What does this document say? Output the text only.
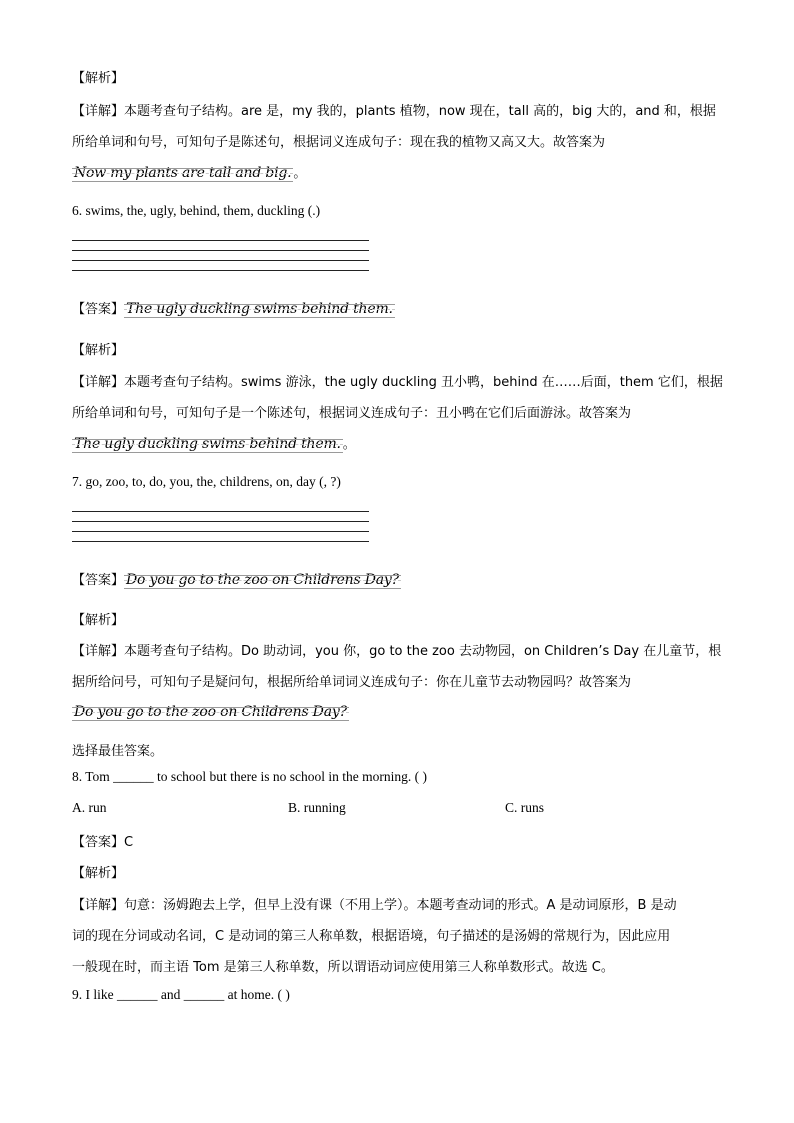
【解析】
【详解】本题考查句子结构。are 是，my 我的，plants 植物，now 现在，tall 高的，big 大的，and 和，根据
所给单词和句号，可知句子是陈述句，根据词义连成句子：现在我的植物又高又大。故答案为
Now my plants are tall and big. 。
6. swims, the, ugly, behind, them, duckling (.)
【答案】 The ugly duckling swims behind them.
【解析】
【详解】本题考查句子结构。swims 游泳，the ugly duckling 丑小鸭，behind 在……后面，them 它们，根据
所给单词和句号，可知句子是一个陈述句，根据词义连成句子：丑小鸭在它们后面游泳。故答案为
The ugly duckling swims behind them. 。
7. go, zoo, to, do, you, the, childrens, on, day (, ?)
【答案】 Do you go to the zoo on Childrens Day?
【解析】
【详解】本题考查句子结构。Do 助动词，you 你，go to the zoo 去动物园，on Children’s Day 在儿童节，根
据所给问号，可知句子是疑问句，根据所给单词词义连成句子：你在儿童节去动物园吗？故答案为
Do you go to the zoo on Childrens Day?
选择最佳答案。
8. Tom ______ to school but there is no school in the morning. ( )
A. run	B. running	C. runs
【答案】C
【解析】
【详解】句意：汤姆跑去上学，但早上没有课（不用上学）。本题考查动词的形式。A 是动词原形，B 是动
词的现在分词或动名词，C 是动词的第三人称单数，根据语境，句子描述的是汤姆的常规行为，因此应用
一般现在时，而主语 Tom 是第三人称单数，所以谓语动词应使用第三人称单数形式。故选 C。
9. I like ______ and ______ at home. ( )
